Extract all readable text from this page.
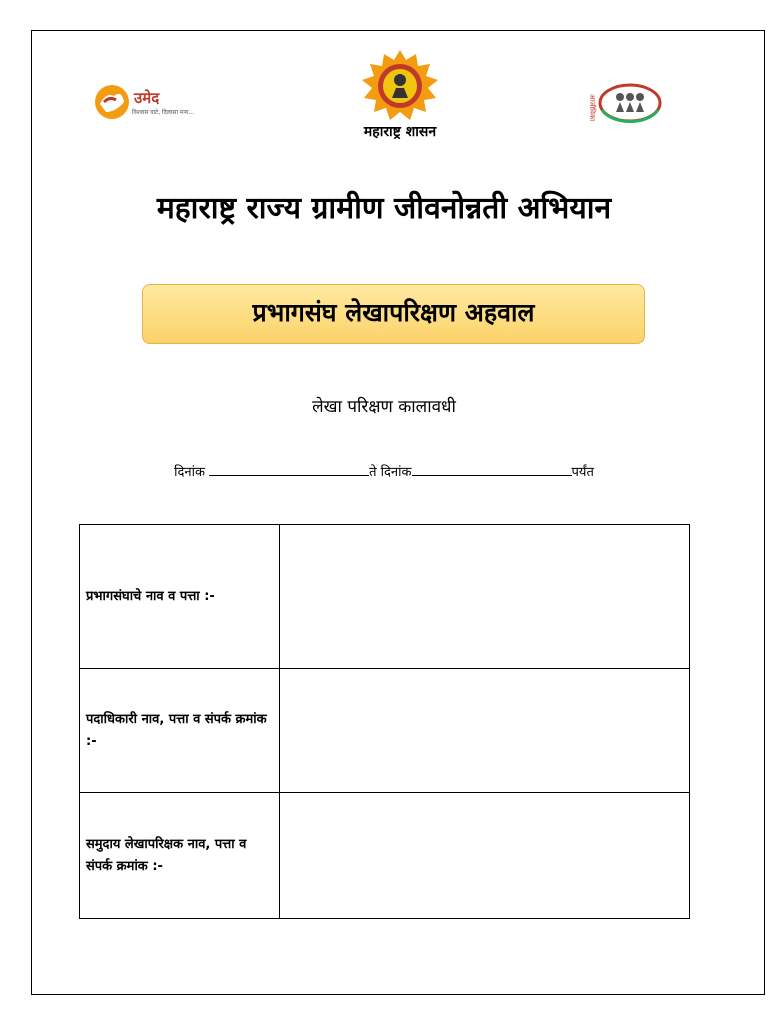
उमेद
विश्वास वाटे, दिलासा मना...
महाराष्ट्र शासन
आजीविका
महाराष्ट्र राज्य ग्रामीण जीवनोन्नती अभियान
प्रभागसंघ लेखापरिक्षण अहवाल
लेखा परिक्षण कालावधी
दिनांक	ते दिनांक	पर्यंत
प्रभागसंघाचे नाव व पत्ता :-	
पदाधिकारी नाव, पत्ता व संपर्क क्रमांक :-	
समुदाय लेखापरिक्षक नाव, पत्ता व संपर्क क्रमांक :-	
